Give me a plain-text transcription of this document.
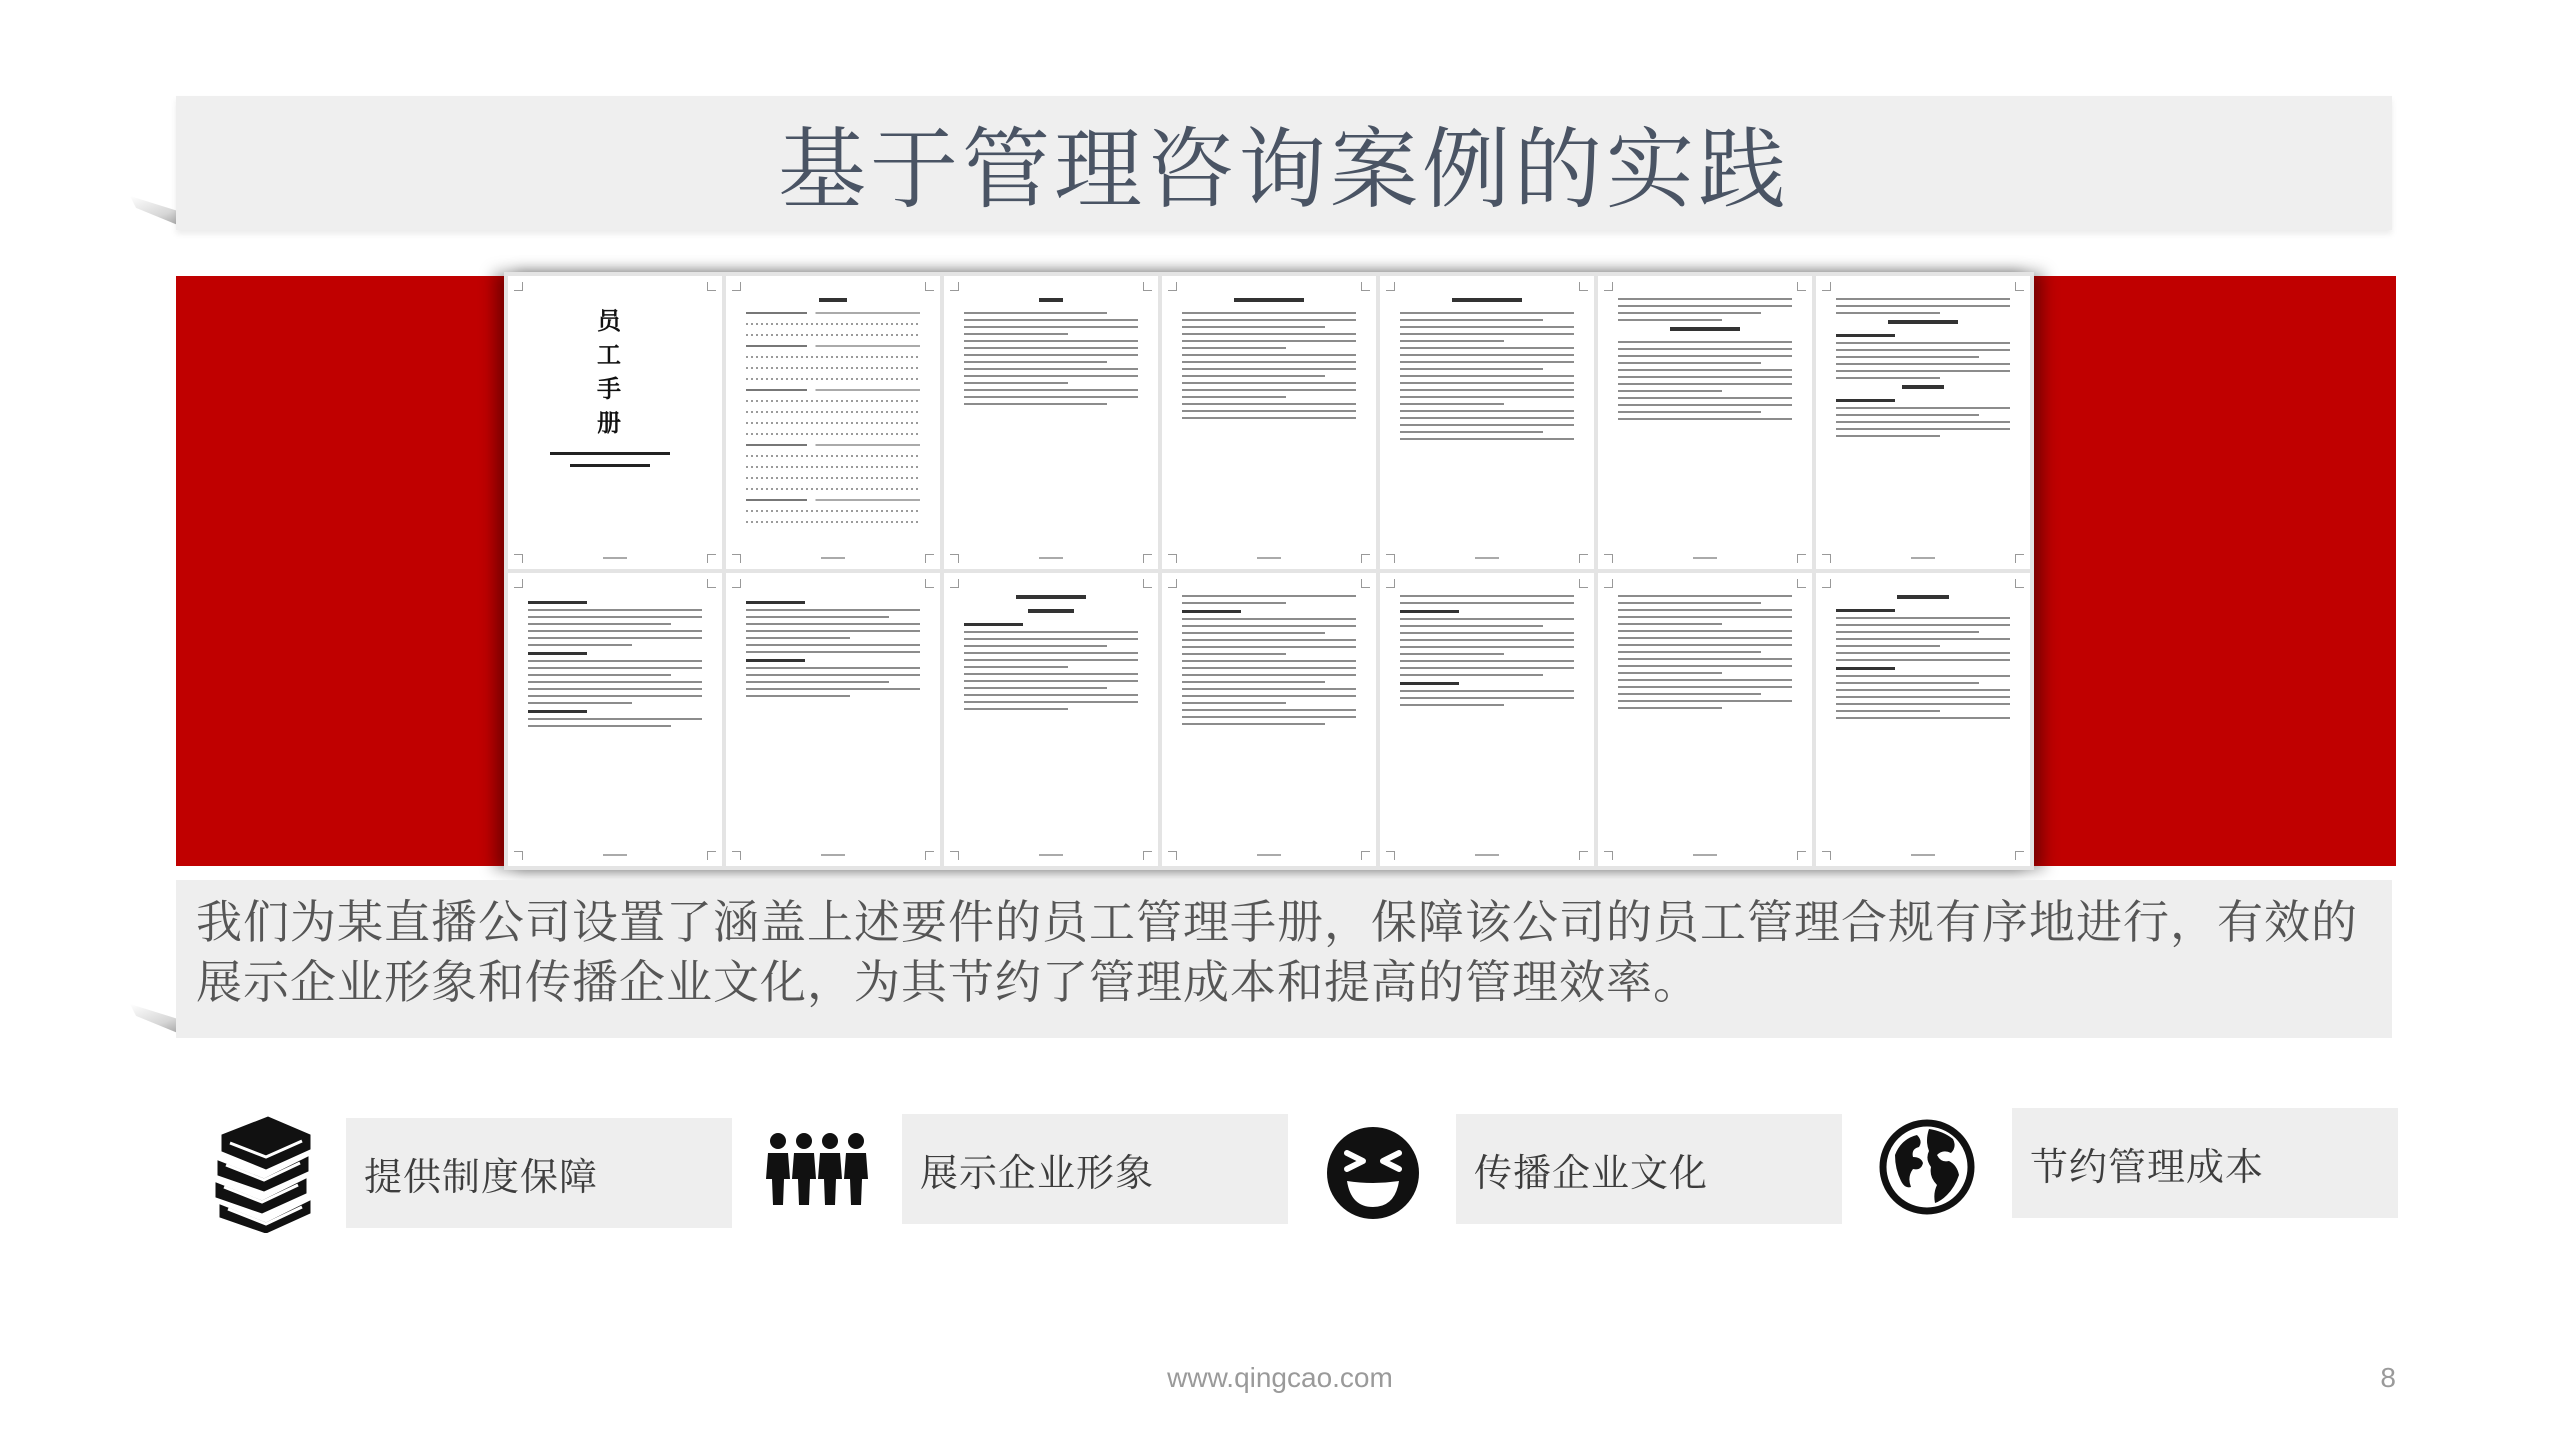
基于管理咨询案例的实践
员工手册
我们为某直播公司设置了涵盖上述要件的员工管理手册，保障该公司的员工管理合规有序地进行，有效的展示企业形象和传播企业文化，为其节约了管理成本和提高的管理效率。
提供制度保障	展示企业形象	传播企业文化	节约管理成本
www.qingcao.com	8
